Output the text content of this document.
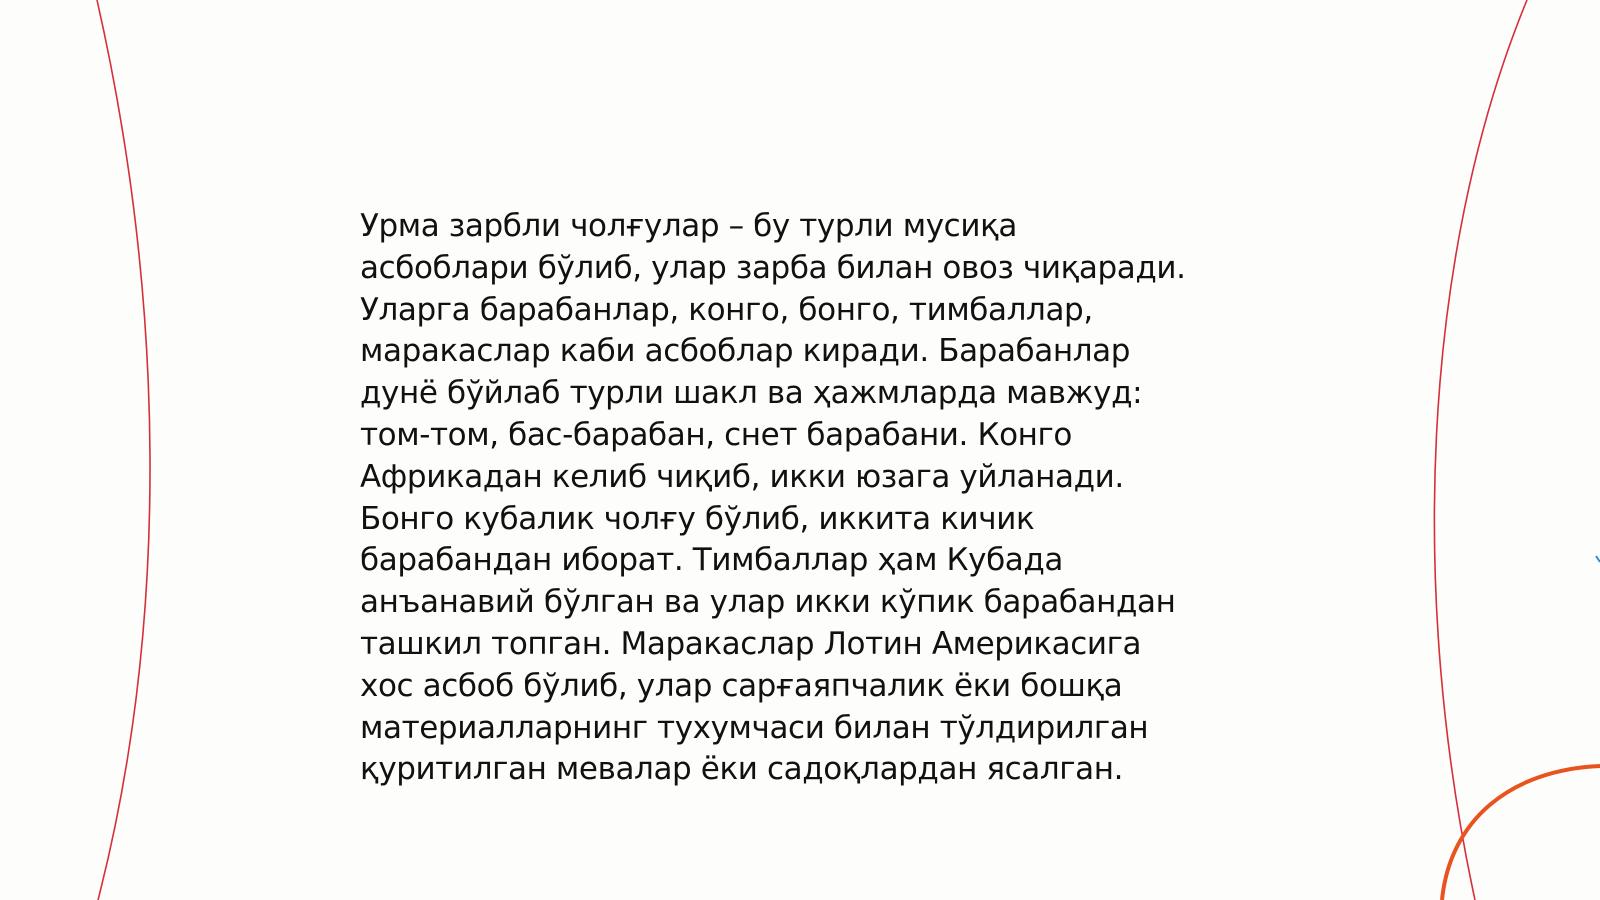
Урма зарбли чолғулар – бу турли мусиқа
асбоблари бўлиб, улар зарба билан овоз чиқаради.
Уларга барабанлар, конго, бонго, тимбаллар,
маракаслар каби асбоблар киради. Барабанлар
дунё бўйлаб турли шакл ва ҳажмларда мавжуд:
том-том, бас-барабан, снет барабани. Конго
Африкадан келиб чиқиб, икки юзага уйланади.
Бонго кубалик чолғу бўлиб, иккита кичик
барабандан иборат. Тимбаллар ҳам Кубада
анъанавий бўлган ва улар икки кўпик барабандан
ташкил топган. Маракаслар Лотин Америкасига
хос асбоб бўлиб, улар сарғаяпчалик ёки бошқа
материалларнинг тухумчаси билан тўлдирилган
қуритилган мевалар ёки садоқлардан ясалган.
